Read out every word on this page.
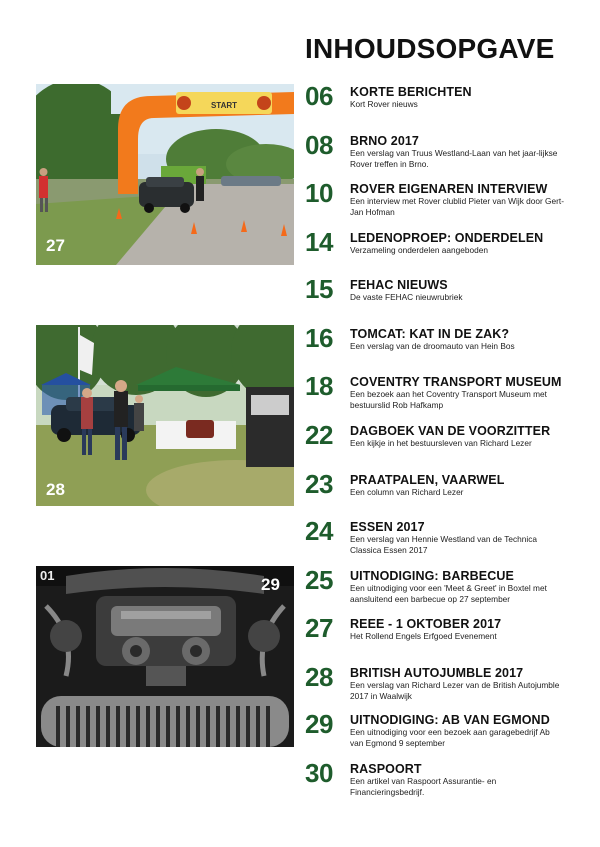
INHOUDSOPGAVE
START
27
28
01	29
06	KORTE BERICHTEN
Kort Rover nieuws
08	BRNO 2017
Een verslag van Truus Westland-Laan van het jaar-lijkse Rover treffen in Brno.
10	ROVER EIGENAREN INTERVIEW
Een interview met Rover clublid Pieter van Wijk door Gert-Jan Hofman
14	LEDENOPROEP: ONDERDELEN
Verzameling onderdelen aangeboden
15	FEHAC NIEUWS
De vaste FEHAC nieuwrubriek
16	TOMCAT: KAT IN DE ZAK?
Een verslag van de droomauto van Hein Bos
18	COVENTRY TRANSPORT MUSEUM
Een bezoek aan het Coventry Transport Museum met bestuurslid Rob Hafkamp
22	DAGBOEK VAN DE VOORZITTER
Een kijkje in het bestuursleven van Richard Lezer
23	PRAATPALEN, VAARWEL
Een column van Richard Lezer
24	ESSEN 2017
Een verslag van Hennie Westland van de Technica Classica Essen 2017
25	UITNODIGING: BARBECUE
Een uitnodiging voor een 'Meet & Greet' in Boxtel met aansluitend een barbecue op 27 september
27	REEE - 1 OKTOBER 2017
Het Rollend Engels Erfgoed Evenement
28	BRITISH AUTOJUMBLE 2017
Een verslag van Richard Lezer van de British Autojumble 2017 in Waalwijk
29	UITNODIGING: AB VAN EGMOND
Een uitnodiging voor een bezoek aan garagebedrijf Ab van Egmond 9 september
30	RASPOORT
Een artikel van Raspoort Assurantie- en Financieringsbedrijf.
